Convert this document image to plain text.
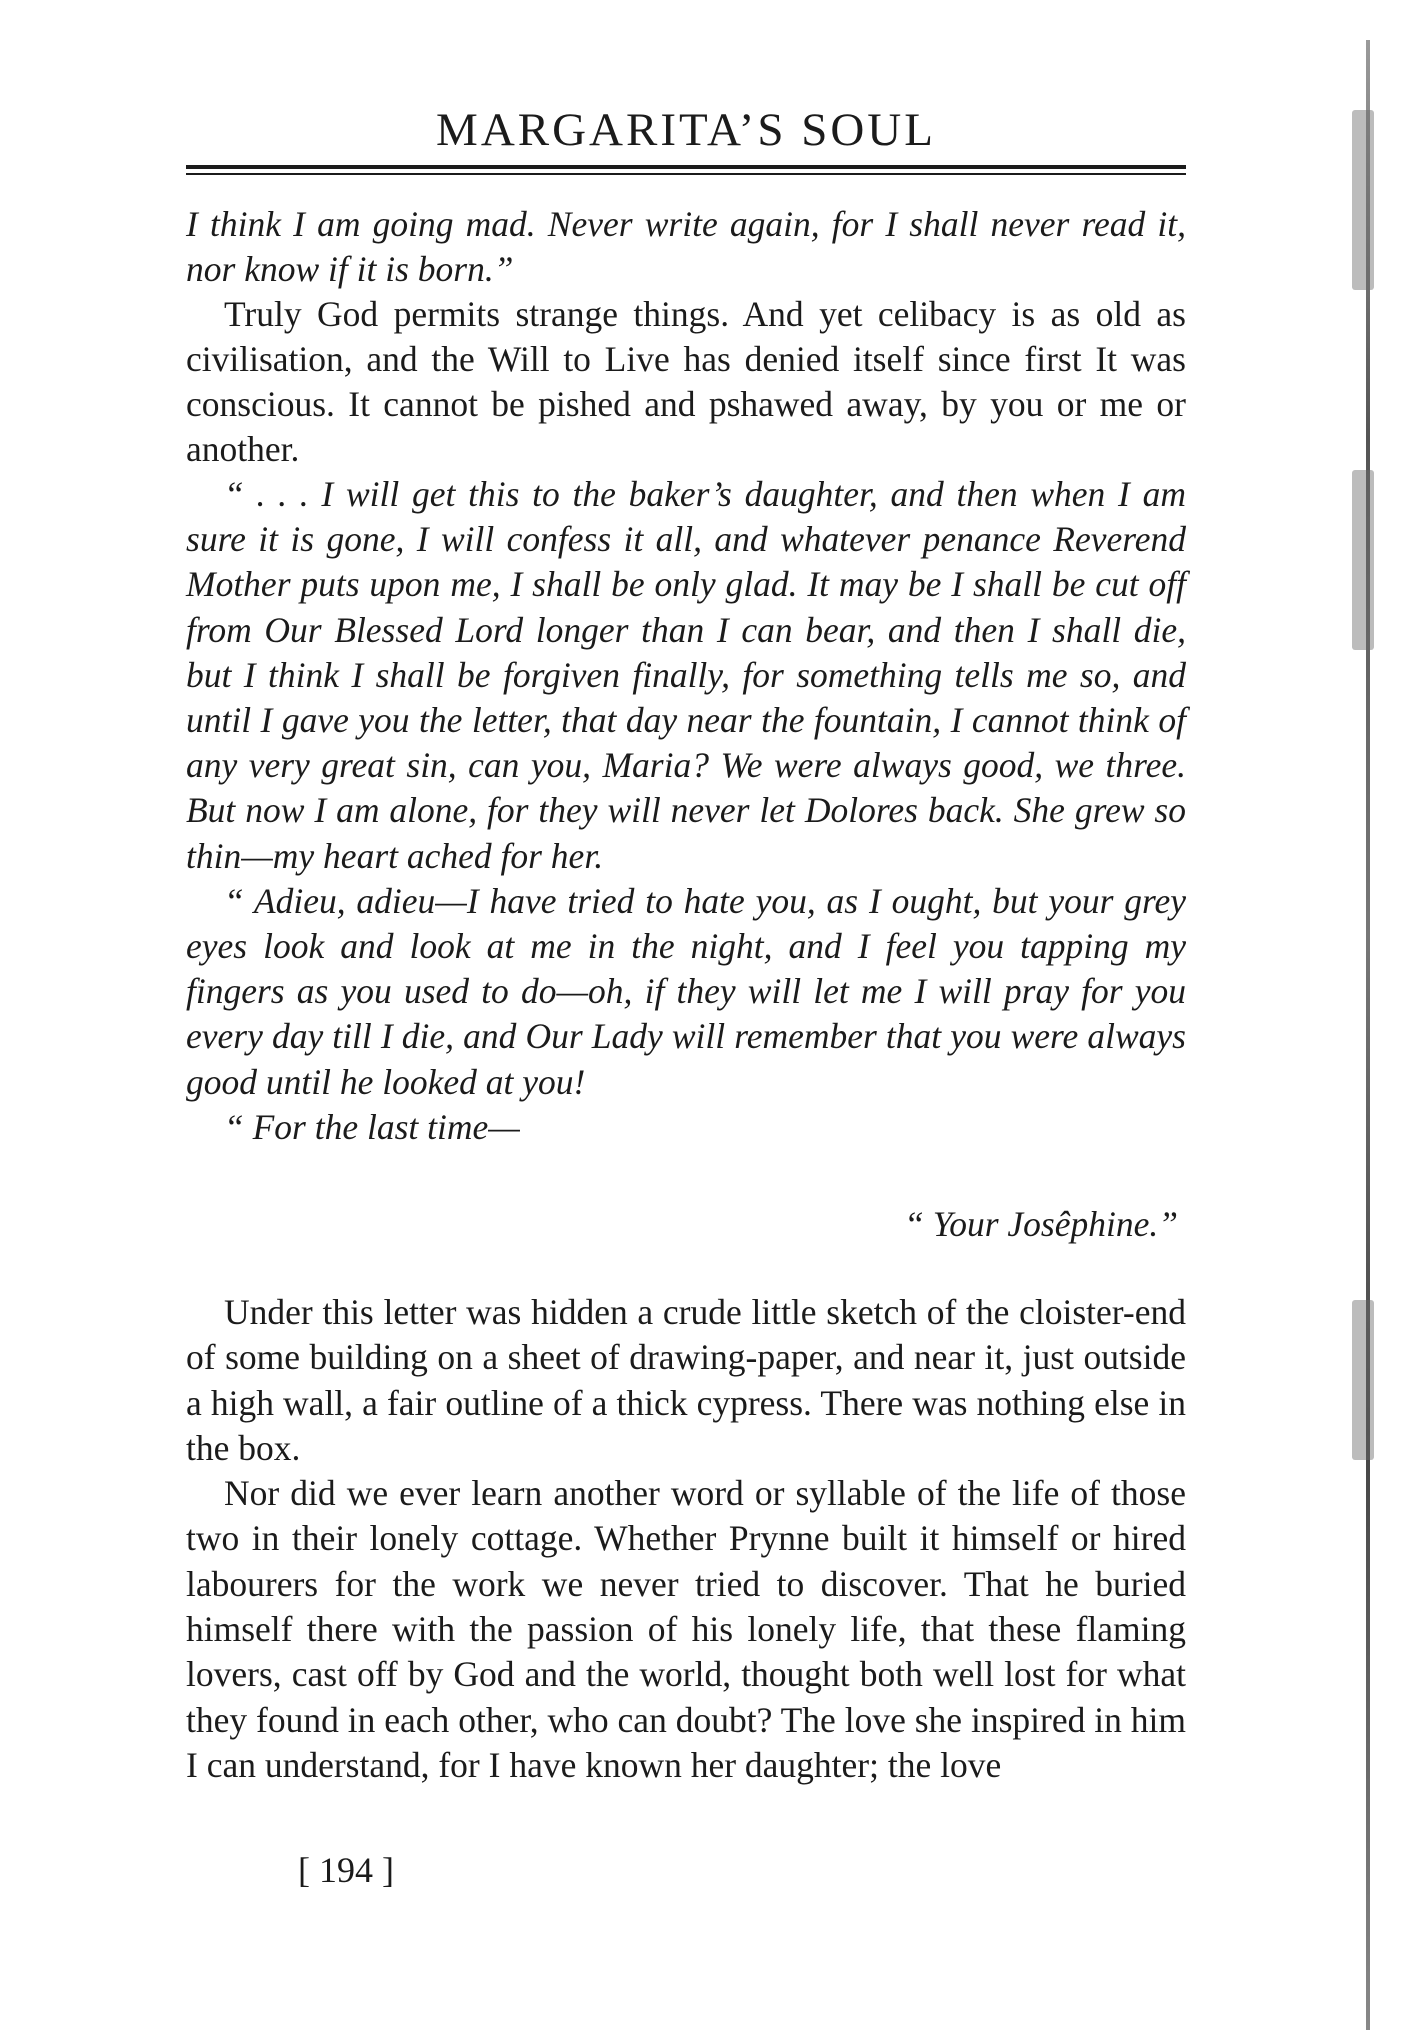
MARGARITA’S SOUL

I think I am going mad. Never write again, for I shall never read it, nor know if it is born.”

Truly God permits strange things. And yet celibacy is as old as civilisation, and the Will to Live has denied itself since first It was conscious. It cannot be pished and pshawed away, by you or me or another.

“ . . . I will get this to the baker’s daughter, and then when I am sure it is gone, I will confess it all, and whatever penance Reverend Mother puts upon me, I shall be only glad. It may be I shall be cut off from Our Blessed Lord longer than I can bear, and then I shall die, but I think I shall be forgiven finally, for something tells me so, and until I gave you the letter, that day near the fountain, I cannot think of any very great sin, can you, Maria? We were always good, we three. But now I am alone, for they will never let Dolores back. She grew so thin—my heart ached for her.

“ Adieu, adieu—I have tried to hate you, as I ought, but your grey eyes look and look at me in the night, and I feel you tapping my fingers as you used to do—oh, if they will let me I will pray for you every day till I die, and Our Lady will remember that you were always good until he looked at you!

“ For the last time—

“ Your Josêphine.”

Under this letter was hidden a crude little sketch of the cloister-end of some building on a sheet of drawing-paper, and near it, just outside a high wall, a fair outline of a thick cypress. There was nothing else in the box.

Nor did we ever learn another word or syllable of the life of those two in their lonely cottage. Whether Prynne built it himself or hired labourers for the work we never tried to discover. That he buried himself there with the passion of his lonely life, that these flaming lovers, cast off by God and the world, thought both well lost for what they found in each other, who can doubt? The love she inspired in him I can understand, for I have known her daughter; the love

[ 194 ]
